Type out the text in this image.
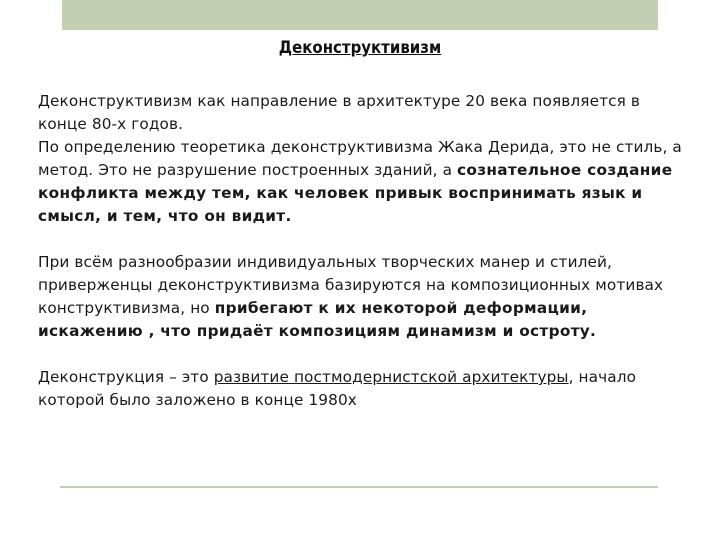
Деконструктивизм

Деконструктивизм как направление в архитектуре 20 века появляется в конце 80-х годов.
По определению теоретика деконструктивизма Жака Дерида, это не стиль, а метод. Это не разрушение построенных зданий, а сознательное создание конфликта между тем, как человек привык воспринимать язык и смысл, и тем, что он видит.

При всём разнообразии индивидуальных творческих манер и стилей, приверженцы деконструктивизма базируются на композиционных мотивах конструктивизма, но прибегают к их некоторой деформации, искажению , что придаёт композициям динамизм и остроту.

Деконструкция – это развитие постмодернистской архитектуры, начало которой было заложено в конце 1980х
